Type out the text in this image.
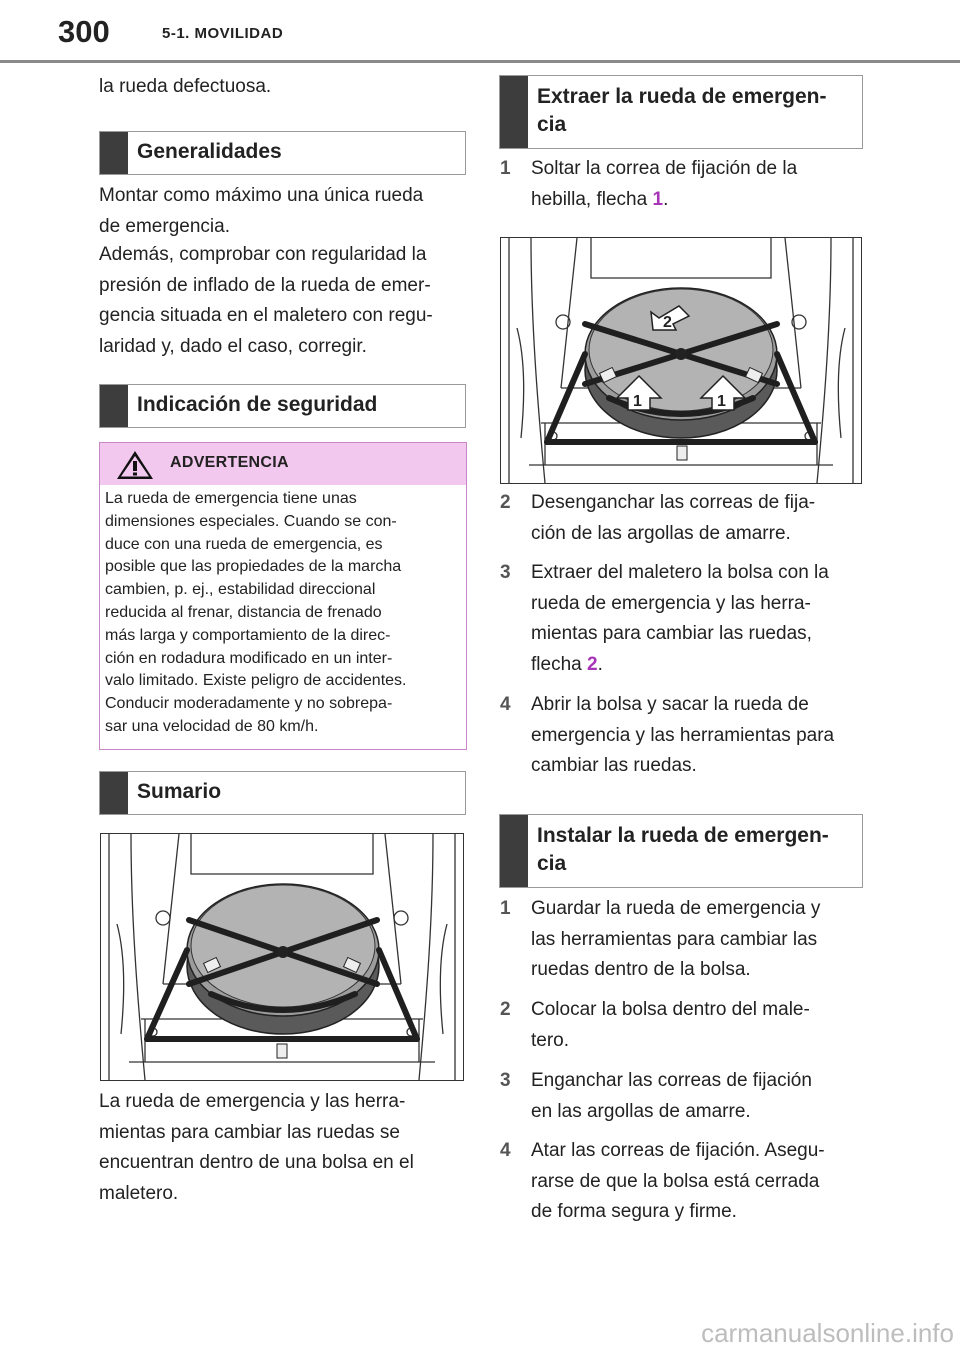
300	5-1. MOVILIDAD

la rueda defectuosa.

Generalidades
Montar como máximo una única rueda
de emergencia.
Además, comprobar con regularidad la
presión de inflado de la rueda de emer-
gencia situada en el maletero con regu-
laridad y, dado el caso, corregir.
Indicación de seguridad
ADVERTENCIA
La rueda de emergencia tiene unas
dimensiones especiales. Cuando se con-
duce con una rueda de emergencia, es
posible que las propiedades de la marcha
cambien, p. ej., estabilidad direccional
reducida al frenar, distancia de frenado
más larga y comportamiento de la direc-
ción en rodadura modificado en un inter-
valo limitado. Existe peligro de accidentes.
Conducir moderadamente y no sobrepa-
sar una velocidad de 80 km/h.
Sumario
La rueda de emergencia y las herra-
mientas para cambiar las ruedas se
encuentran dentro de una bolsa en el
maletero.
Extraer la rueda de emergen-
cia
1 Soltar la correa de fijación de la

hebilla, flecha 1.

2
1	1
2 Desenganchar las correas de fija-

ción de las argollas de amarre.

3 Extraer del maletero la bolsa con la

rueda de emergencia y las herra-

mientas para cambiar las ruedas,

flecha 2.

4 Abrir la bolsa y sacar la rueda de

emergencia y las herramientas para

cambiar las ruedas.

Instalar la rueda de emergen-
cia
1 Guardar la rueda de emergencia y

las herramientas para cambiar las

ruedas dentro de la bolsa.

2 Colocar la bolsa dentro del male-

tero.

3 Enganchar las correas de fijación

en las argollas de amarre.

4 Atar las correas de fijación. Asegu-

rarse de que la bolsa está cerrada

de forma segura y firme.

carmanualsonline.info
